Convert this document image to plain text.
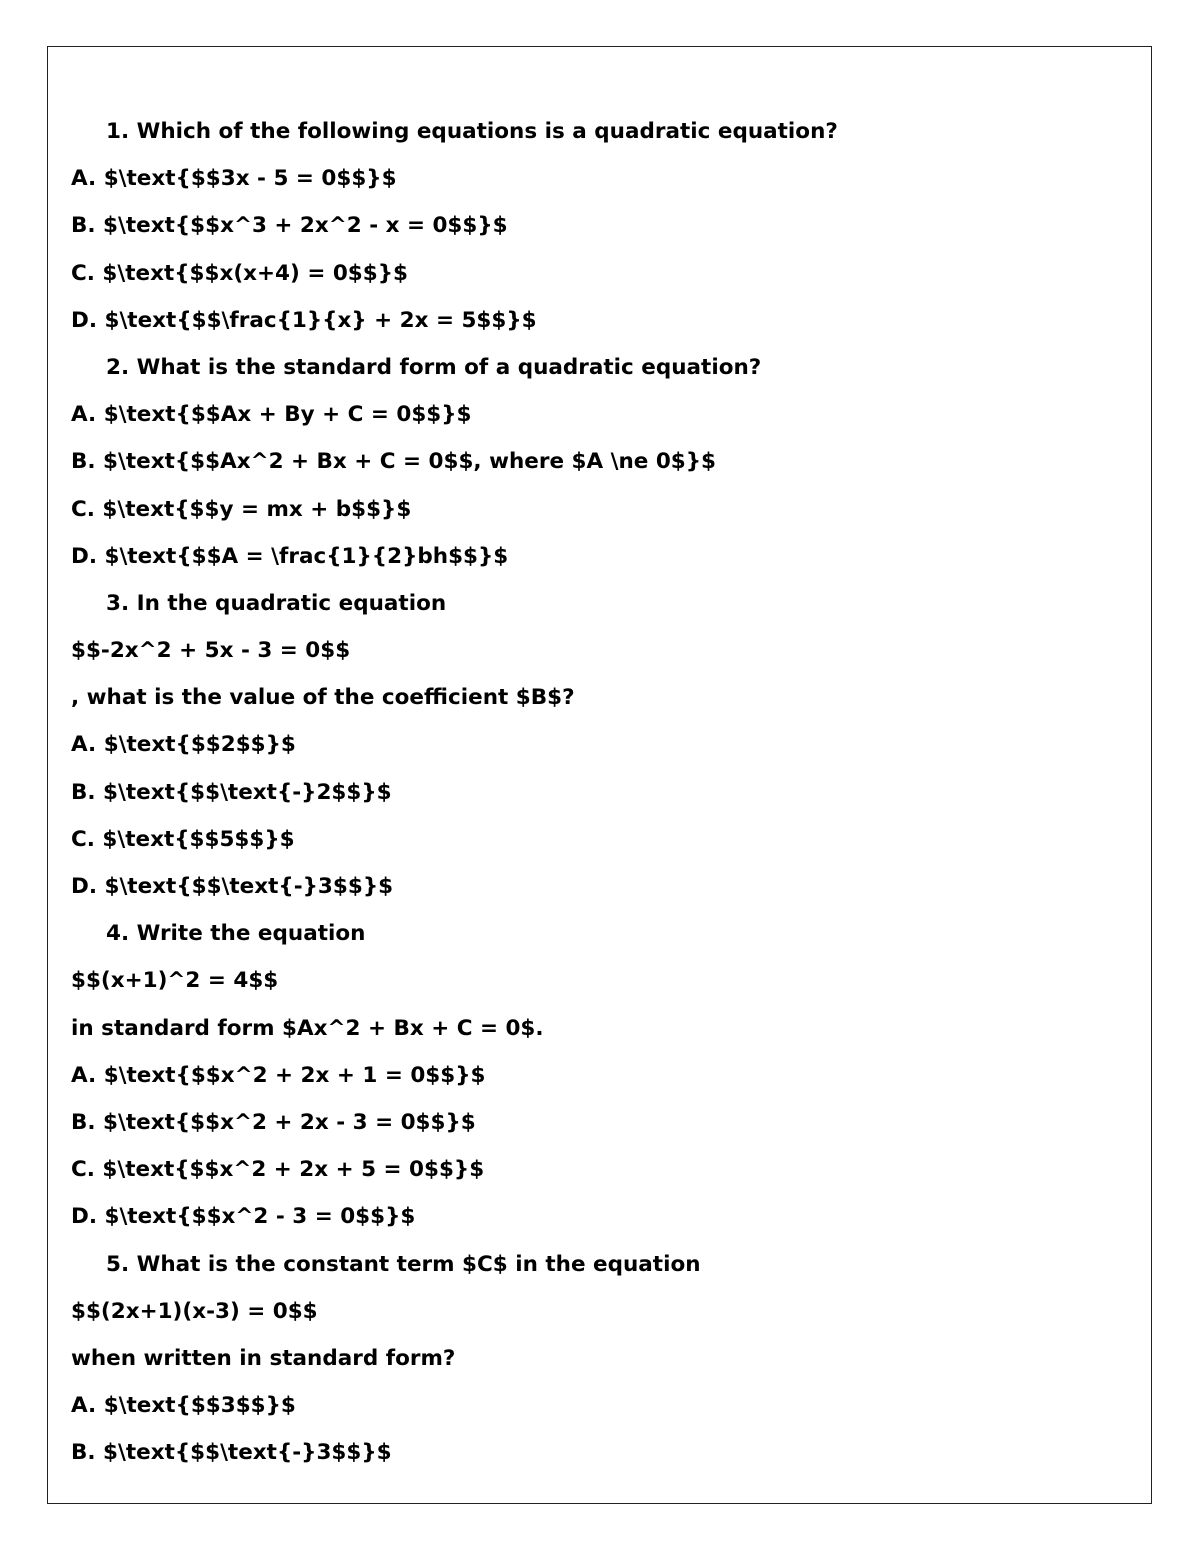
1. Which of the following equations is a quadratic equation?
A. $\text{$$3x - 5 = 0$$}$
B. $\text{$$x^3 + 2x^2 - x = 0$$}$
C. $\text{$$x(x+4) = 0$$}$
D. $\text{$$\frac{1}{x} + 2x = 5$$}$
2. What is the standard form of a quadratic equation?
A. $\text{$$Ax + By + C = 0$$}$
B. $\text{$$Ax^2 + Bx + C = 0$$, where $A \ne 0$}$
C. $\text{$$y = mx + b$$}$
D. $\text{$$A = \frac{1}{2}bh$$}$
3. In the quadratic equation
$$-2x^2 + 5x - 3 = 0$$
, what is the value of the coefficient $B$?
A. $\text{$$2$$}$
B. $\text{$$\text{-}2$$}$
C. $\text{$$5$$}$
D. $\text{$$\text{-}3$$}$
4. Write the equation
$$(x+1)^2 = 4$$
in standard form $Ax^2 + Bx + C = 0$.
A. $\text{$$x^2 + 2x + 1 = 0$$}$
B. $\text{$$x^2 + 2x - 3 = 0$$}$
C. $\text{$$x^2 + 2x + 5 = 0$$}$
D. $\text{$$x^2 - 3 = 0$$}$
5. What is the constant term $C$ in the equation
$$(2x+1)(x-3) = 0$$
when written in standard form?
A. $\text{$$3$$}$
B. $\text{$$\text{-}3$$}$
